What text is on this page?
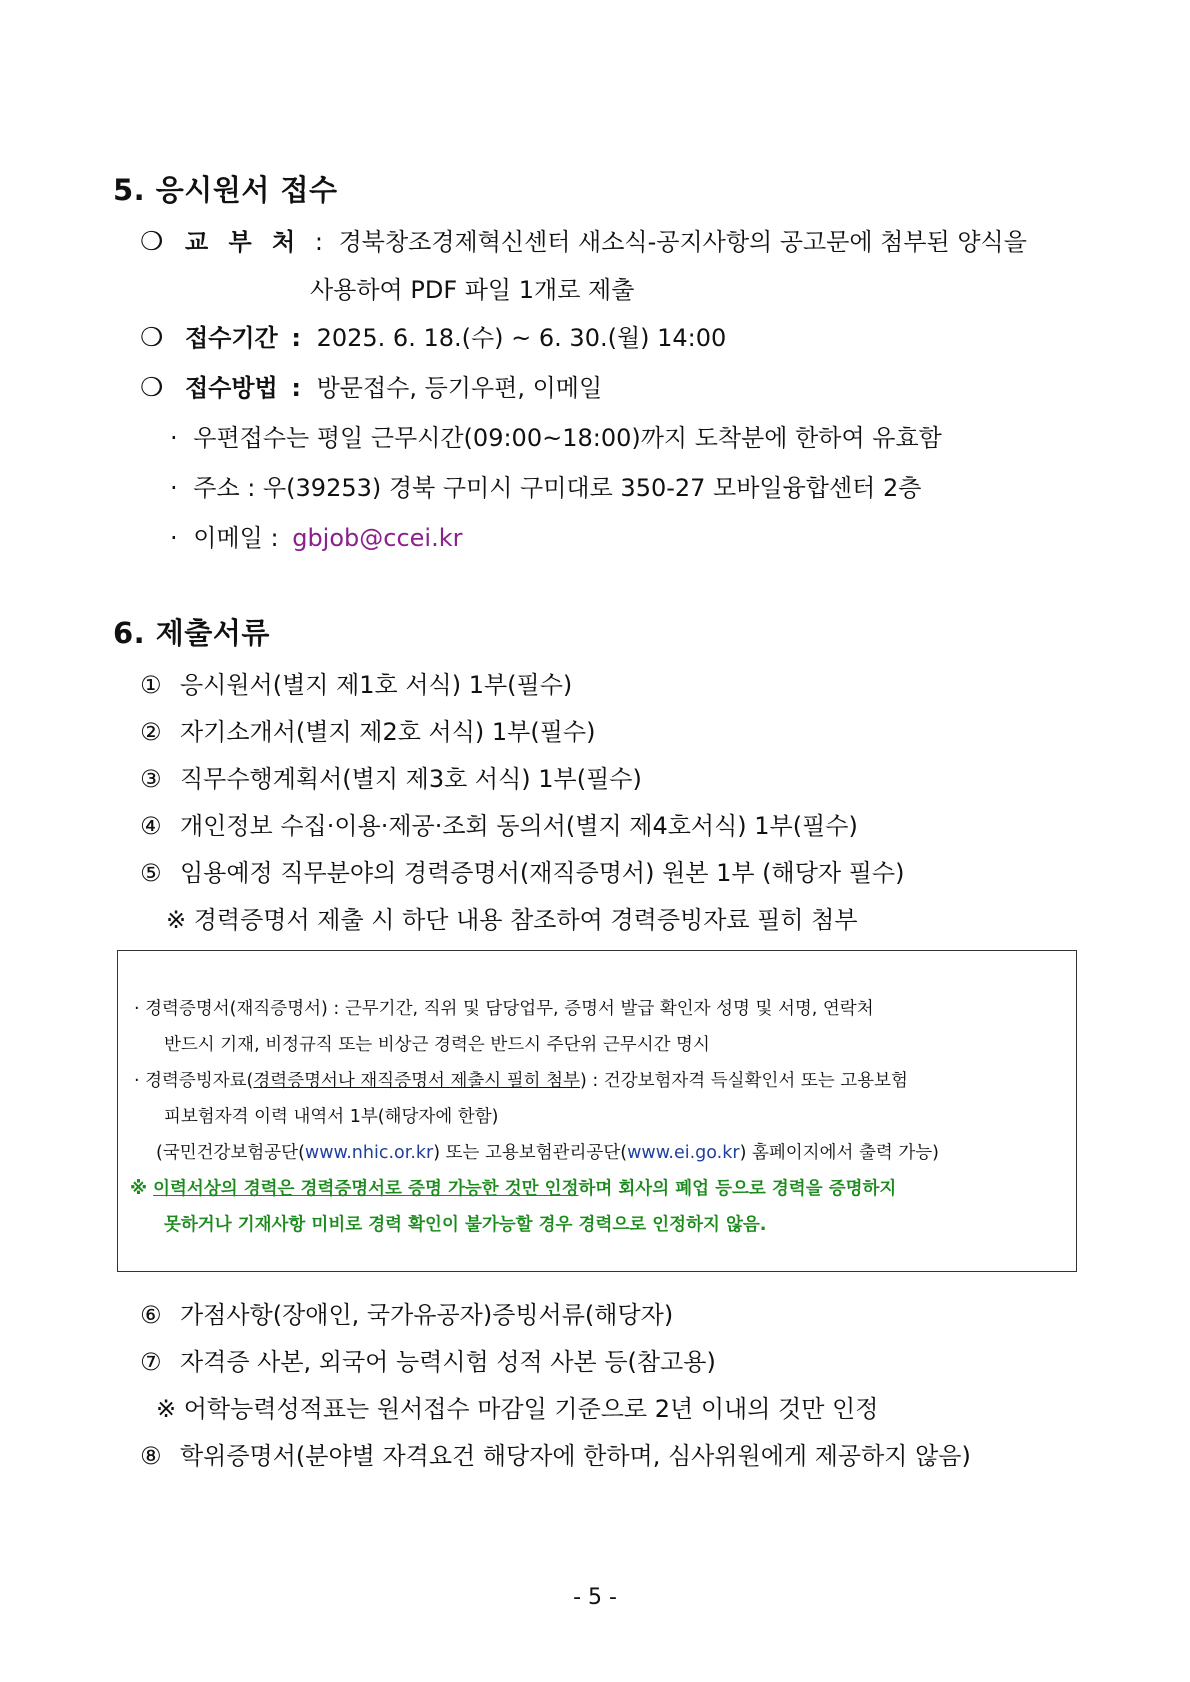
5. 응시원서 접수
❍ 교 부 처 : 경북창조경제혁신센터 새소식-공지사항의 공고문에 첨부된 양식을
사용하여 PDF 파일 1개로 제출
❍ 접수기간 : 2025. 6. 18.(수) ~ 6. 30.(월) 14:00
❍ 접수방법 : 방문접수, 등기우편, 이메일
· 우편접수는 평일 근무시간(09:00~18:00)까지 도착분에 한하여 유효함
· 주소 : 우(39253) 경북 구미시 구미대로 350-27 모바일융합센터 2층
· 이메일 : gbjob@ccei.kr
6. 제출서류
① 응시원서(별지 제1호 서식) 1부(필수)
② 자기소개서(별지 제2호 서식) 1부(필수)
③ 직무수행계획서(별지 제3호 서식) 1부(필수)
④ 개인정보 수집·이용·제공·조회 동의서(별지 제4호서식) 1부(필수)
⑤ 임용예정 직무분야의 경력증명서(재직증명서) 원본 1부 (해당자 필수)
※ 경력증명서 제출 시 하단 내용 참조하여 경력증빙자료 필히 첨부
· 경력증명서(재직증명서) : 근무기간, 직위 및 담당업무, 증명서 발급 확인자 성명 및 서명, 연락처
반드시 기재, 비정규직 또는 비상근 경력은 반드시 주단위 근무시간 명시
· 경력증빙자료(경력증명서나 재직증명서 제출시 필히 첨부) : 건강보험자격 득실확인서 또는 고용보험
피보험자격 이력 내역서 1부(해당자에 한함)
(국민건강보험공단(www.nhic.or.kr) 또는 고용보험관리공단(www.ei.go.kr) 홈페이지에서 출력 가능)
※ 이력서상의 경력은 경력증명서로 증명 가능한 것만 인정하며 회사의 폐업 등으로 경력을 증명하지
못하거나 기재사항 미비로 경력 확인이 불가능할 경우 경력으로 인정하지 않음.
⑥ 가점사항(장애인, 국가유공자)증빙서류(해당자)
⑦ 자격증 사본, 외국어 능력시험 성적 사본 등(참고용)
※ 어학능력성적표는 원서접수 마감일 기준으로 2년 이내의 것만 인정
⑧ 학위증명서(분야별 자격요건 해당자에 한하며, 심사위원에게 제공하지 않음)
- 5 -
